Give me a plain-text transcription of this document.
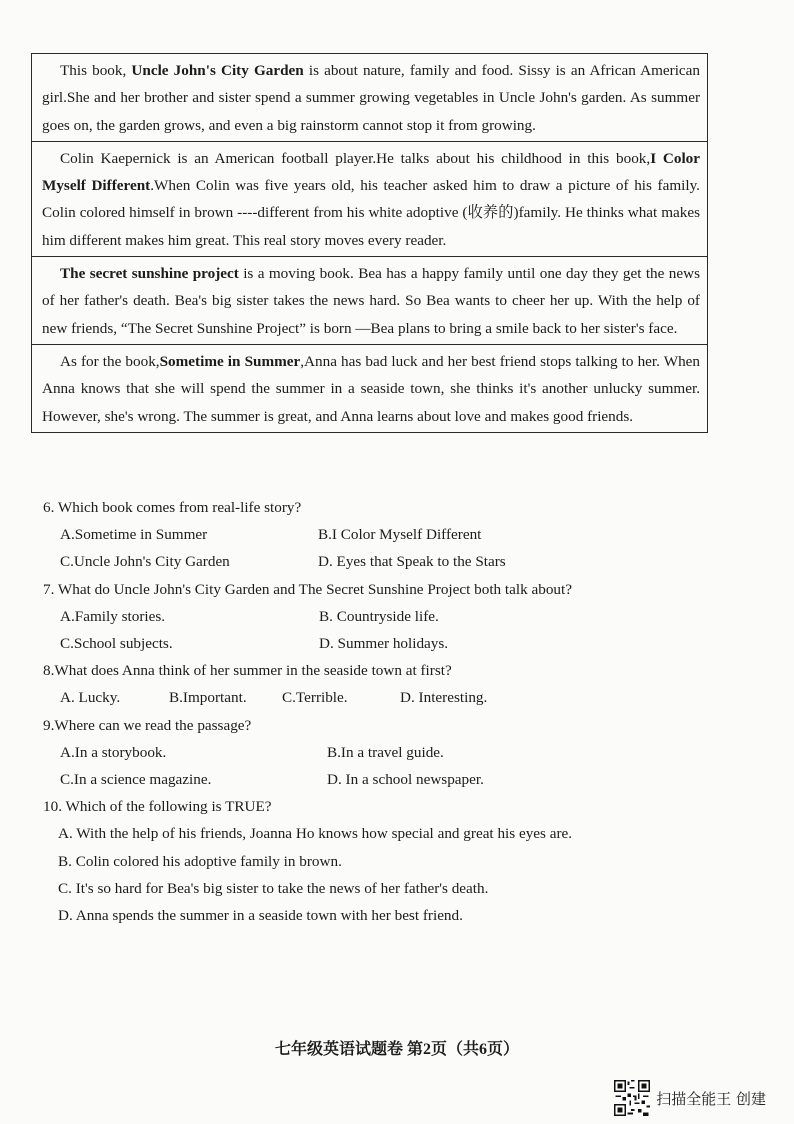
This book, Uncle John's City Garden is about nature, family and food. Sissy is an African American girl.She and her brother and sister spend a summer growing vegetables in Uncle John's garden. As summer goes on, the garden grows, and even a big rainstorm cannot stop it from growing.

Colin Kaepernick is an American football player.He talks about his childhood in this book,I Color Myself Different.When Colin was five years old, his teacher asked him to draw a picture of his family. Colin colored himself in brown ----different from his white adoptive (收养的)family. He thinks what makes him different makes him great. This real story moves every reader.

The secret sunshine project is a moving book. Bea has a happy family until one day they get the news of her father's death. Bea's big sister takes the news hard. So Bea wants to cheer her up. With the help of new friends, “The Secret Sunshine Project” is born —Bea plans to bring a smile back to her sister's face.

As for the book,Sometime in Summer,Anna has bad luck and her best friend stops talking to her. When Anna knows that she will spend the summer in a seaside town, she thinks it's another unlucky summer. However, she's wrong. The summer is great, and Anna learns about love and makes good friends.

6. Which book comes from real-life story?

A.Sometime in Summer	B.I Color Myself Different
C.Uncle John's City Garden	D. Eyes that Speak to the Stars

7. What do Uncle John's City Garden and The Secret Sunshine Project both talk about?

A.Family stories.	B. Countryside life.
C.School subjects.	D. Summer holidays.

8.What does Anna think of her summer in the seaside town at first?

A. Lucky.	B.Important. C.Terrible.	D. Interesting.

9.Where can we read the passage?

A.In a storybook.	B.In a travel guide.
C.In a science magazine.	D. In a school newspaper.

10. Which of the following is TRUE?

A. With the help of his friends, Joanna Ho knows how special and great his eyes are.
B. Colin colored his adoptive family in brown.
C. It's so hard for Bea's big sister to take the news of her father's death.
D. Anna spends the summer in a seaside town with her best friend.
七年级英语试题卷 第2页（共6页）
扫描全能王 创建
